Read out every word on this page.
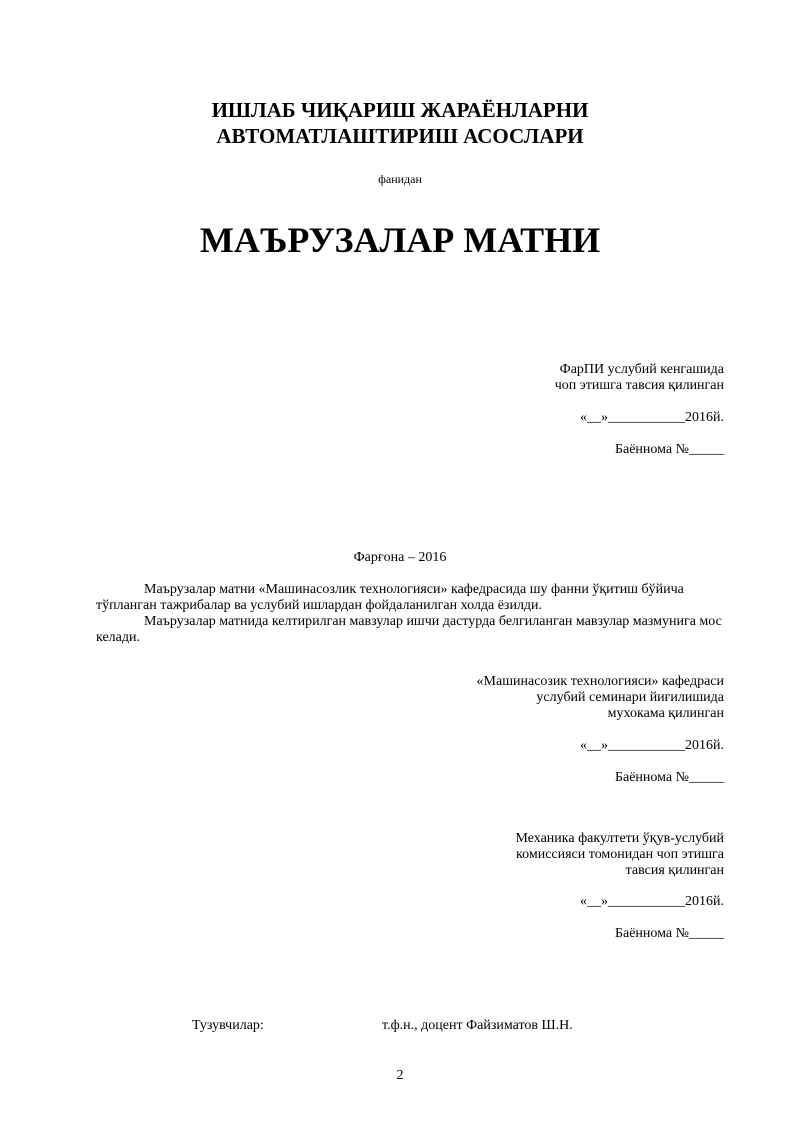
ИШЛАБ ЧИҚАРИШ ЖАРАЁНЛАРНИ
АВТОМАТЛАШТИРИШ АСОСЛАРИ
фанидан
МАЪРУЗАЛАР МАТНИ
ФарПИ услубий кенгашида
чоп этишга тавсия қилинган
«__»___________2016й.
Баённома №_____
Фарғона – 2016
Маърузалар матни «Машинасозлик технологияси» кафедрасида шу фанни ўқитиш бўйича тўпланган тажрибалар ва услубий ишлардан фойдаланилган холда ёзилди.
Маърузалар матнида келтирилган мавзулар ишчи дастурда белгиланган мавзулар мазмунига мос келади.
«Машинасозик технологияси» кафедраси
услубий семинари йиғилишида
мухокама қилинган
«__»___________2016й.
Баённома №_____
Механика факултети ўқув-услубий
комиссияси томонидан чоп этишга
тавсия қилинган
«__»___________2016й.
Баённома №_____
Тузувчилар:	т.ф.н., доцент Файзиматов Ш.Н.
2
